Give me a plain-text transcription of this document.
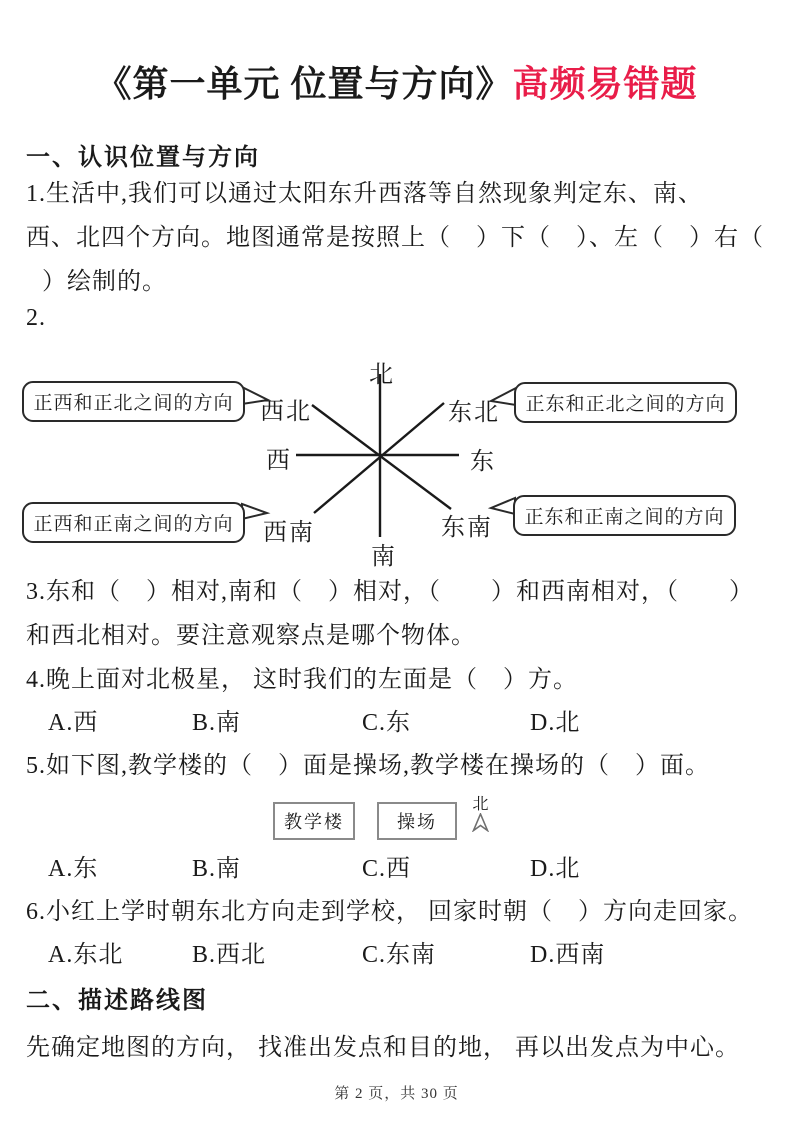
《第一单元 位置与方向》高频易错题
一、认识位置与方向
1.生活中,我们可以通过太阳东升西落等自然现象判定东、南、
西、北四个方向。地图通常是按照上（　）下（　）、左（　）右（
）绘制的。
2.
北
南
西	东
西北	东北
西南	东南
正西和正北之间的方向	正东和正北之间的方向
正西和正南之间的方向	正东和正南之间的方向
3.东和（　）相对,南和（　）相对，（　　）和西南相对，（　　）
和西北相对。要注意观察点是哪个物体。
4.晚上面对北极星， 这时我们的左面是（　）方。
A.西	B.南	C.东	D.北
5.如下图,教学楼的（　）面是操场,教学楼在操场的（　）面。
教学楼	操场
北
A.东	B.南	C.西	D.北
6.小红上学时朝东北方向走到学校， 回家时朝（　）方向走回家。
A.东北	B.西北	C.东南	D.西南
二、描述路线图
先确定地图的方向， 找准出发点和目的地， 再以出发点为中心。
第 2 页，共 30 页
